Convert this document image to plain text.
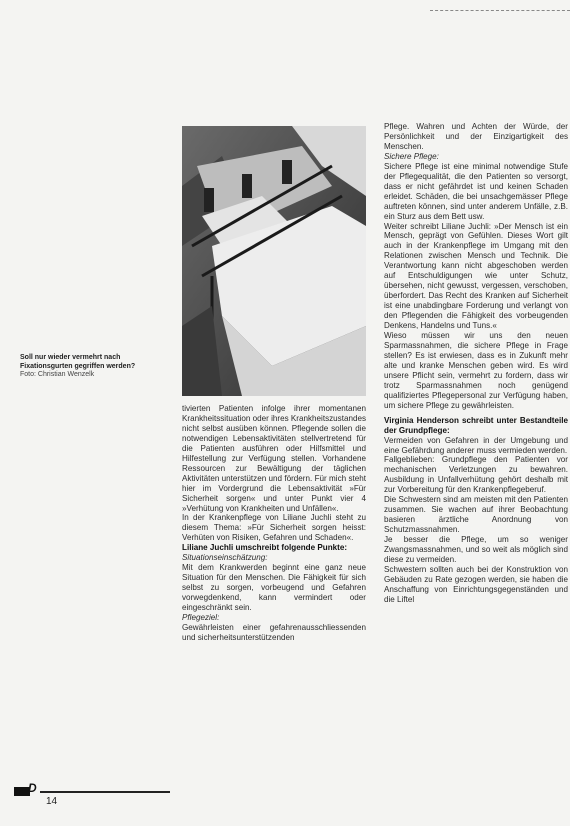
Soll nur wieder vermehrt nach Fixationsgurten gegriffen werden?
Foto: Christian Wenzelk

tivierten Patienten infolge ihrer momentanen Krankheitssituation oder ihres Krankheitszustandes nicht selbst ausüben können. Pflegende sollen die notwendigen Lebensaktivitäten stellvertretend für die Patienten ausführen oder Hilfsmittel und Hilfestellung zur Verfügung stellen. Vorhandene Ressourcen zur Bewältigung der täglichen Aktivitäten unterstützen und fördern. Für mich steht hier im Vordergrund die Lebensaktivität »Für Sicherheit sorgen« und unter Punkt vier 4 »Verhütung von Krankheiten und Unfällen«.

In der Krankenpflege von Liliane Juchli steht zu diesem Thema: »Für Sicherheit sorgen heisst: Verhüten von Risiken, Gefahren und Schaden«.

Liliane Juchli umschreibt folgende Punkte:

Situationseinschätzung:

Mit dem Krankwerden beginnt eine ganz neue Situation für den Menschen. Die Fähigkeit für sich selbst zu sorgen, vorbeugend und Gefahren vorwegdenkend, kann vermindert oder eingeschränkt sein.

Pflegeziel:

Gewährleisten einer gefahrenausschliessenden und sicherheitsunterstützenden

Pflege. Wahren und Achten der Würde, der Persönlichkeit und der Einzigartigkeit des Menschen.

Sichere Pflege:

Sichere Pflege ist eine minimal notwendige Stufe der Pflegequalität, die den Patienten so versorgt, dass er nicht gefährdet ist und keinen Schaden erleidet. Schäden, die bei unsachgemässer Pflege auftreten können, sind unter anderem Unfälle, z.B. ein Sturz aus dem Bett usw.

Weiter schreibt Liliane Juchli: »Der Mensch ist ein Mensch, geprägt von Gefühlen. Dieses Wort gilt auch in der Krankenpflege im Umgang mit den Relationen zwischen Mensch und Technik. Die Verantwortung kann nicht abgeschoben werden auf Entschuldigungen wie unter Schutz, übersehen, nicht gewusst, vergessen, verschoben, überfordert. Das Recht des Kranken auf Sicherheit ist eine unabdingbare Forderung und verlangt von den Pflegenden die Fähigkeit des vorbeugenden Denkens, Handelns und Tuns.«

Wieso müssen wir uns den neuen Sparmassnahmen, die sichere Pflege in Frage stellen? Es ist erwiesen, dass es in Zukunft mehr alte und kranke Menschen geben wird. Es wird unsere Pflicht sein, vermehrt zu fordern, dass wir trotz Sparmassnahmen noch genügend qualifiziertes Pflegepersonal zur Verfügung haben, um sichere Pflege zu gewährleisten.

Virginia Henderson schreibt unter Bestandteile der Grundpflege:

Vermeiden von Gefahren in der Umgebung und eine Gefährdung anderer muss vermieden werden.

Fallgeblieben: Grundpflege den Patienten vor mechanischen Verletzungen zu bewahren. Ausbildung in Unfallverhütung gehört deshalb mit zur Vorbereitung für den Krankenpflegeberuf.

Die Schwestern sind am meisten mit den Patienten zusammen. Sie wachen auf ihrer Beobachtung basieren ärztliche Anordnung von Schutzmassnahmen.

Je besser die Pflege, um so weniger Zwangsmassnahmen, und so weit als möglich sind diese zu vermeiden.

Schwestern sollten auch bei der Konstruktion von Gebäuden zu Rate gezogen werden, sie haben die Anschaffung von Einrichtungsgegenständen und die Liftel

D
14
